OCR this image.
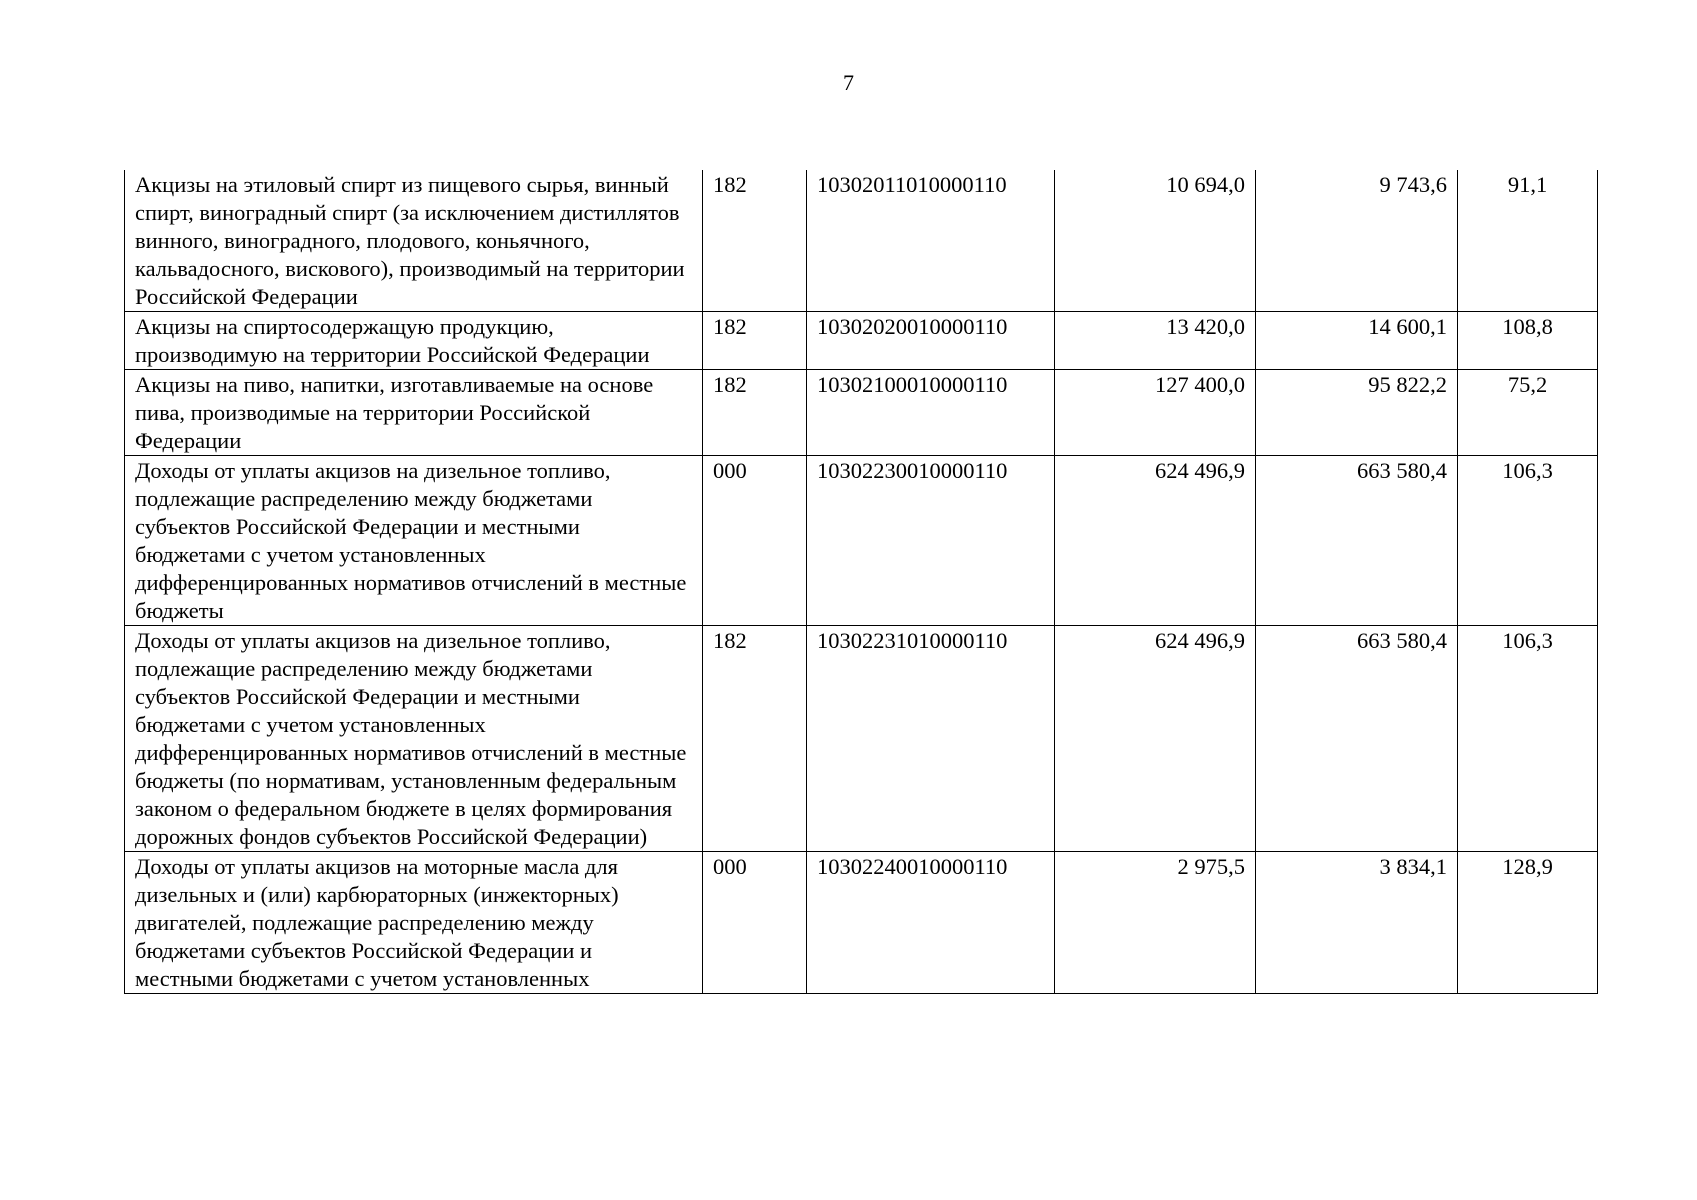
7
Акцизы на этиловый спирт из пищевого сырья, винный спирт, виноградный спирт (за исключением дистиллятов винного, виноградного, плодового, коньячного, кальвадосного, вискового), производимый на территории Российской Федерации	182	10302011010000110	10 694,0	9 743,6	91,1
Акцизы на спиртосодержащую продукцию, производимую на территории Российской Федерации	182	10302020010000110	13 420,0	14 600,1	108,8
Акцизы на пиво, напитки, изготавливаемые на основе пива, производимые на территории Российской Федерации	182	10302100010000110	127 400,0	95 822,2	75,2
Доходы от уплаты акцизов на дизельное топливо, подлежащие распределению между бюджетами субъектов Российской Федерации и местными бюджетами с учетом установленных дифференцированных нормативов отчислений в местные бюджеты	000	10302230010000110	624 496,9	663 580,4	106,3
Доходы от уплаты акцизов на дизельное топливо, подлежащие распределению между бюджетами субъектов Российской Федерации и местными бюджетами с учетом установленных дифференцированных нормативов отчислений в местные бюджеты (по нормативам, установленным федеральным законом о федеральном бюджете в целях формирования дорожных фондов субъектов Российской Федерации)	182	10302231010000110	624 496,9	663 580,4	106,3
Доходы от уплаты акцизов на моторные масла для дизельных и (или) карбюраторных (инжекторных) двигателей, подлежащие распределению между бюджетами субъектов Российской Федерации и местными бюджетами с учетом установленных	000	10302240010000110	2 975,5	3 834,1	128,9
